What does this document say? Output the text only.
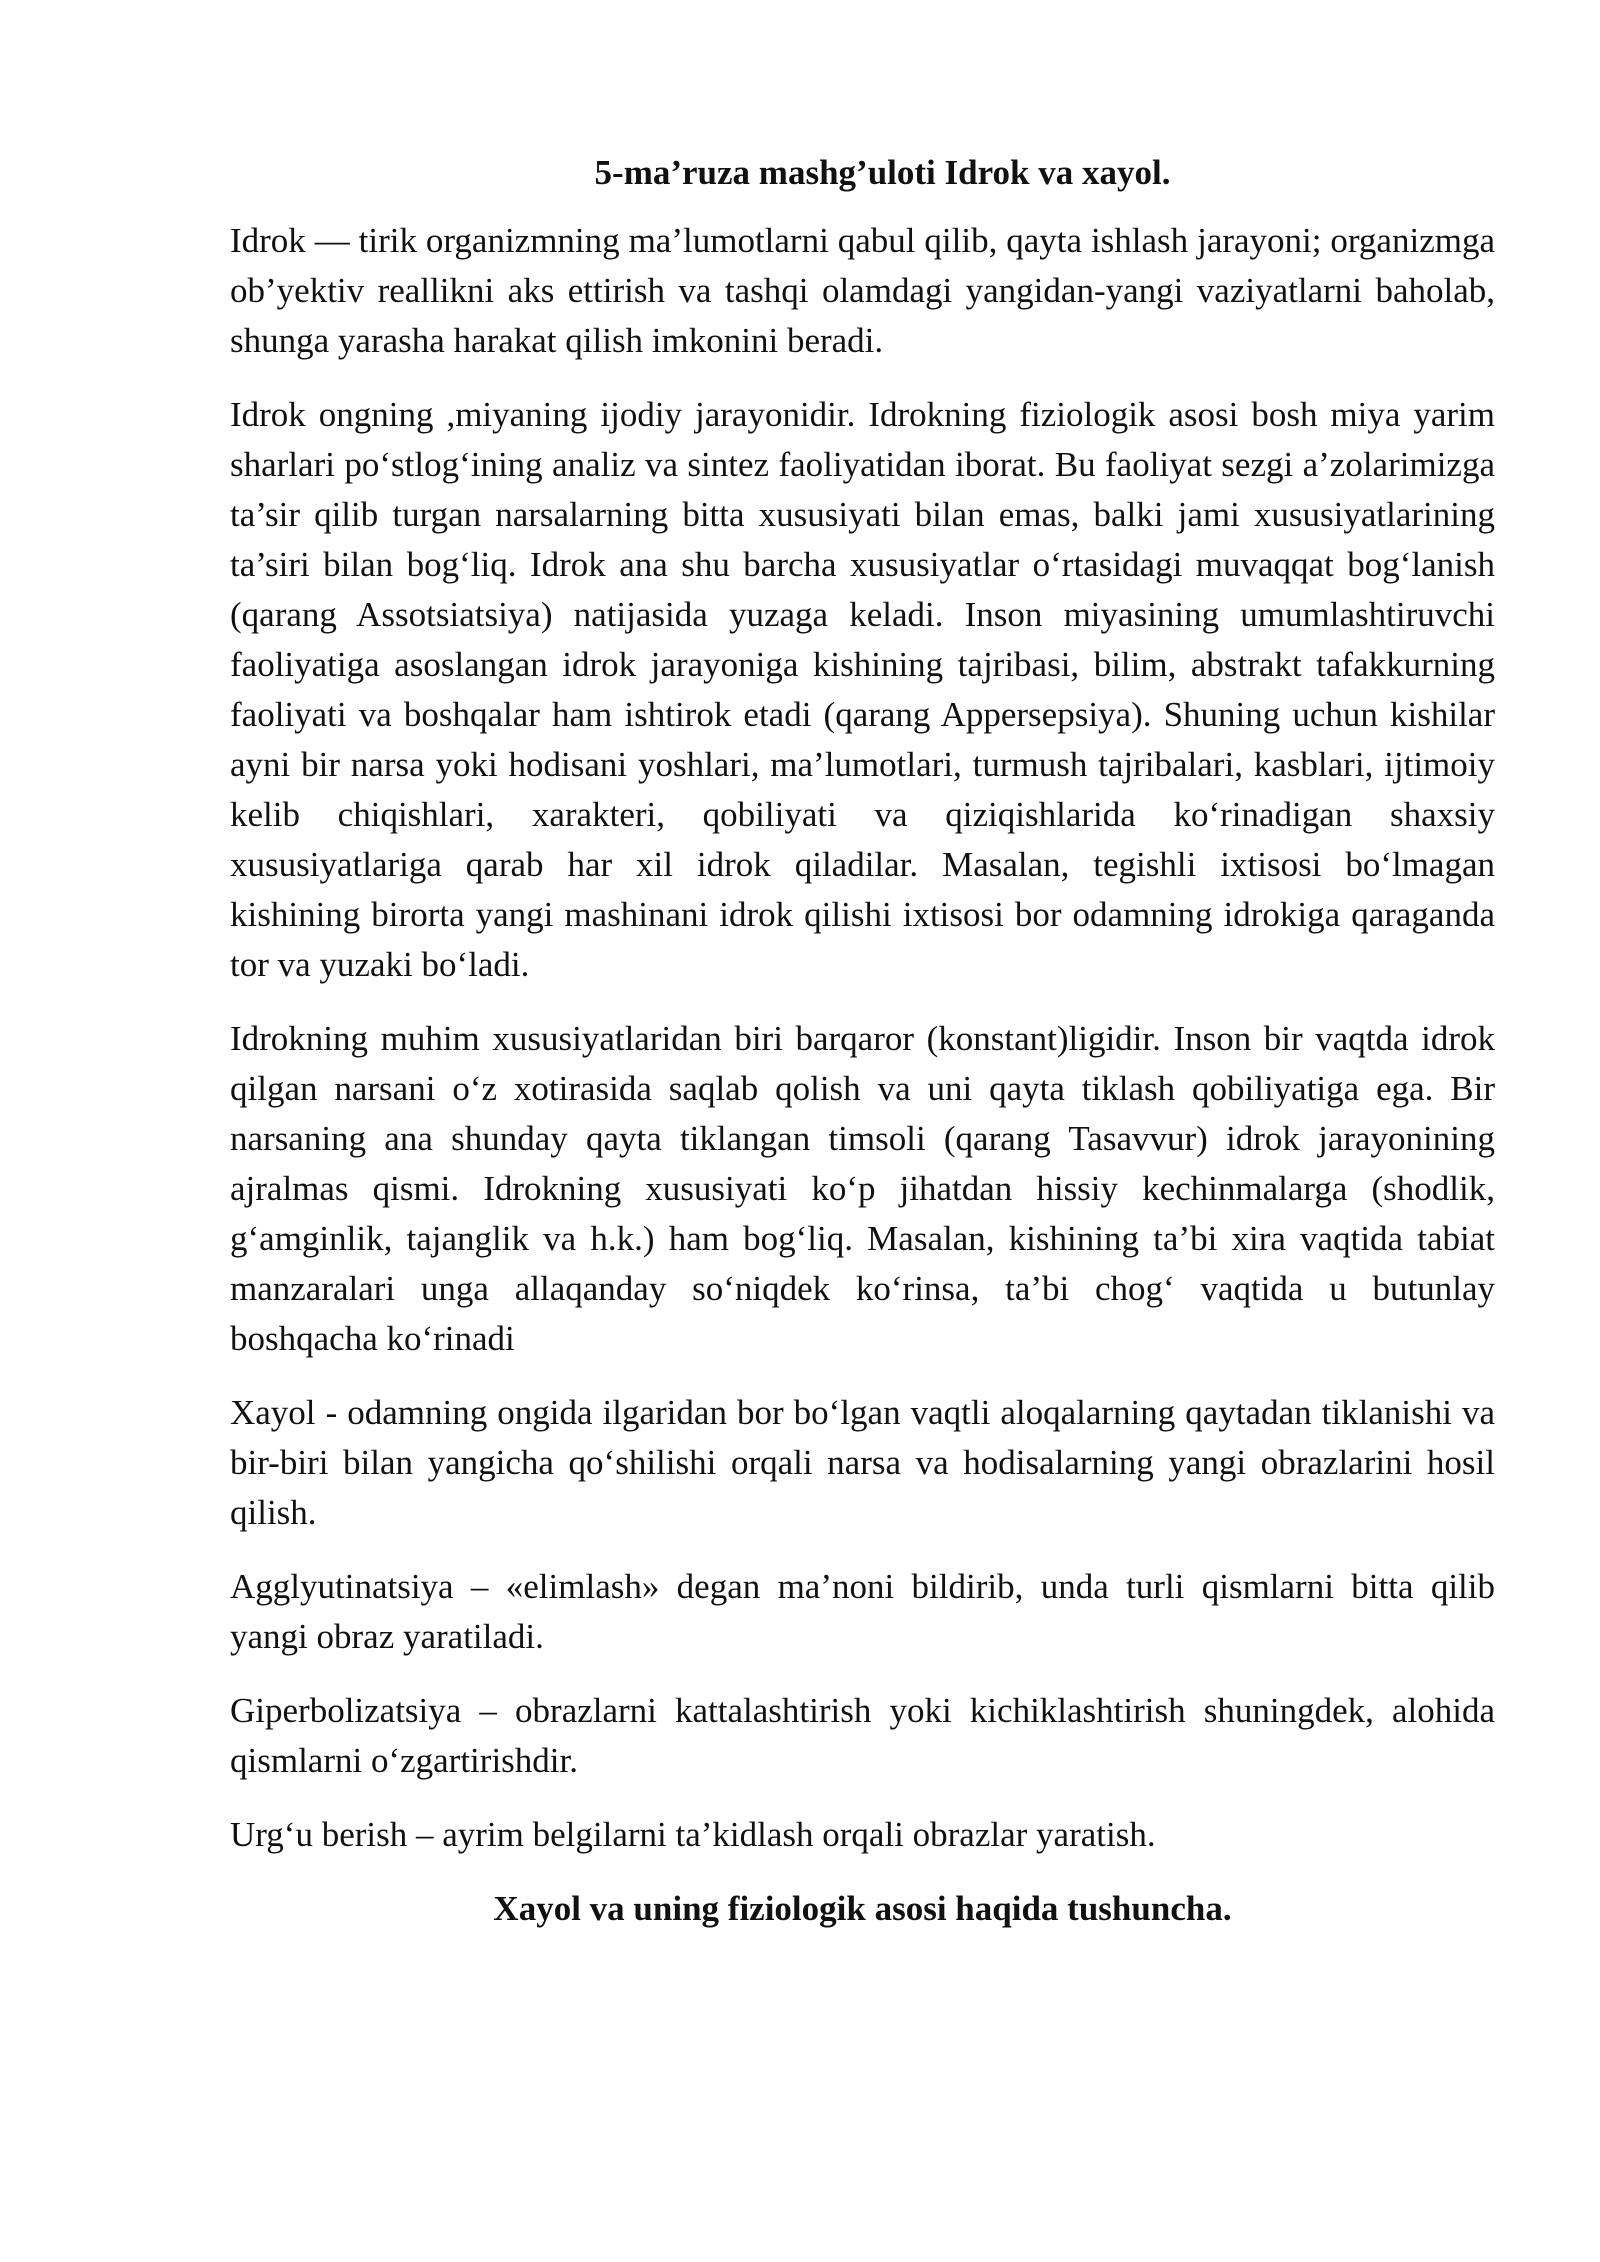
5-ma’ruza mashg’uloti Idrok va xayol.

Idrok — tirik organizmning ma’lumotlarni qabul qilib, qayta ishlash jarayoni; organizmga ob’yektiv reallikni aks ettirish va tashqi olamdagi yangidan-yangi vaziyatlarni baholab, shunga yarasha harakat qilish imkonini beradi.

Idrok ongning ,miyaning ijodiy jarayonidir. Idrokning fiziologik asosi bosh miya yarim sharlari po‘stlog‘ining analiz va sintez faoliyatidan iborat. Bu faoliyat sezgi a’zolarimizga ta’sir qilib turgan narsalarning bitta xususiyati bilan emas, balki jami xususiyatlarining ta’siri bilan bog‘liq. Idrok ana shu barcha xususiyatlar o‘rtasidagi muvaqqat bog‘lanish (qarang Assotsiatsiya) natijasida yuzaga keladi. Inson miyasining umumlashtiruvchi faoliyatiga asoslangan idrok jarayoniga kishining tajribasi, bilim, abstrakt tafakkurning faoliyati va boshqalar ham ishtirok etadi (qarang Appersepsiya). Shuning uchun kishilar ayni bir narsa yoki hodisani yoshlari, ma’lumotlari, turmush tajribalari, kasblari, ijtimoiy kelib chiqishlari, xarakteri, qobiliyati va qiziqishlarida ko‘rinadigan shaxsiy xususiyatlariga qarab har xil idrok qiladilar. Masalan, tegishli ixtisosi bo‘lmagan kishining birorta yangi mashinani idrok qilishi ixtisosi bor odamning idrokiga qaraganda tor va yuzaki bo‘ladi.

Idrokning muhim xususiyatlaridan biri barqaror (konstant)ligidir. Inson bir vaqtda idrok qilgan narsani o‘z xotirasida saqlab qolish va uni qayta tiklash qobiliyatiga ega. Bir narsaning ana shunday qayta tiklangan timsoli (qarang Tasavvur) idrok jarayonining ajralmas qismi. Idrokning xususiyati ko‘p jihatdan hissiy kechinmalarga (shodlik, g‘amginlik, tajanglik va h.k.) ham bog‘liq. Masalan, kishining ta’bi xira vaqtida tabiat manzaralari unga allaqanday so‘niqdek ko‘rinsa, ta’bi chog‘ vaqtida u butunlay boshqacha ko‘rinadi

Xayol - odamning ongida ilgaridan bor bo‘lgan vaqtli aloqalarning qaytadan tiklanishi va bir-biri bilan yangicha qo‘shilishi orqali narsa va hodisalarning yangi obrazlarini hosil qilish.

Agglyutinatsiya – «elimlash» degan ma’noni bildirib, unda turli qismlarni bitta qilib yangi obraz yaratiladi.

Giperbolizatsiya – obrazlarni kattalashtirish yoki kichiklashtirish shuningdek, alohida qismlarni o‘zgartirishdir.

Urg‘u berish – ayrim belgilarni ta’kidlash orqali obrazlar yaratish.

Xayol va uning fiziologik asosi haqida tushuncha.
